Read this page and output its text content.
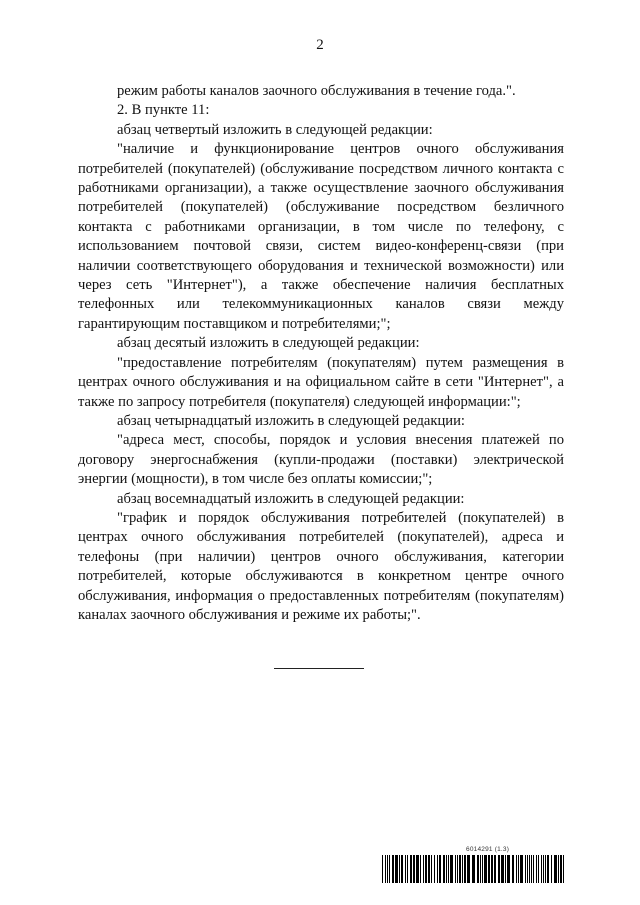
2

режим работы каналов заочного обслуживания в течение года.".

2. В пункте 11:

абзац четвертый изложить в следующей редакции:

"наличие и функционирование центров очного обслуживания потребителей (покупателей) (обслуживание посредством личного контакта с работниками организации), а также осуществление заочного обслуживания потребителей (покупателей) (обслуживание посредством безличного контакта с работниками организации, в том числе по телефону, с использованием почтовой связи, систем видео-конференц-связи (при наличии соответствующего оборудования и технической возможности) или через сеть "Интернет"), а также обеспечение наличия бесплатных телефонных или телекоммуникационных каналов связи между гарантирующим поставщиком и потребителями;";

абзац десятый изложить в следующей редакции:

"предоставление потребителям (покупателям) путем размещения в центрах очного обслуживания и на официальном сайте в сети "Интернет", а также по запросу потребителя (покупателя) следующей информации:";

абзац четырнадцатый изложить в следующей редакции:

"адреса мест, способы, порядок и условия внесения платежей по договору энергоснабжения (купли-продажи (поставки) электрической энергии (мощности), в том числе без оплаты комиссии;";

абзац восемнадцатый изложить в следующей редакции:

"график и порядок обслуживания потребителей (покупателей) в центрах очного обслуживания потребителей (покупателей), адреса и телефоны (при наличии) центров очного обслуживания, категории потребителей, которые обслуживаются в конкретном центре очного обслуживания, информация о предоставленных потребителям (покупателям) каналах заочного обслуживания и режиме их работы;".

6014291 (1.3)
